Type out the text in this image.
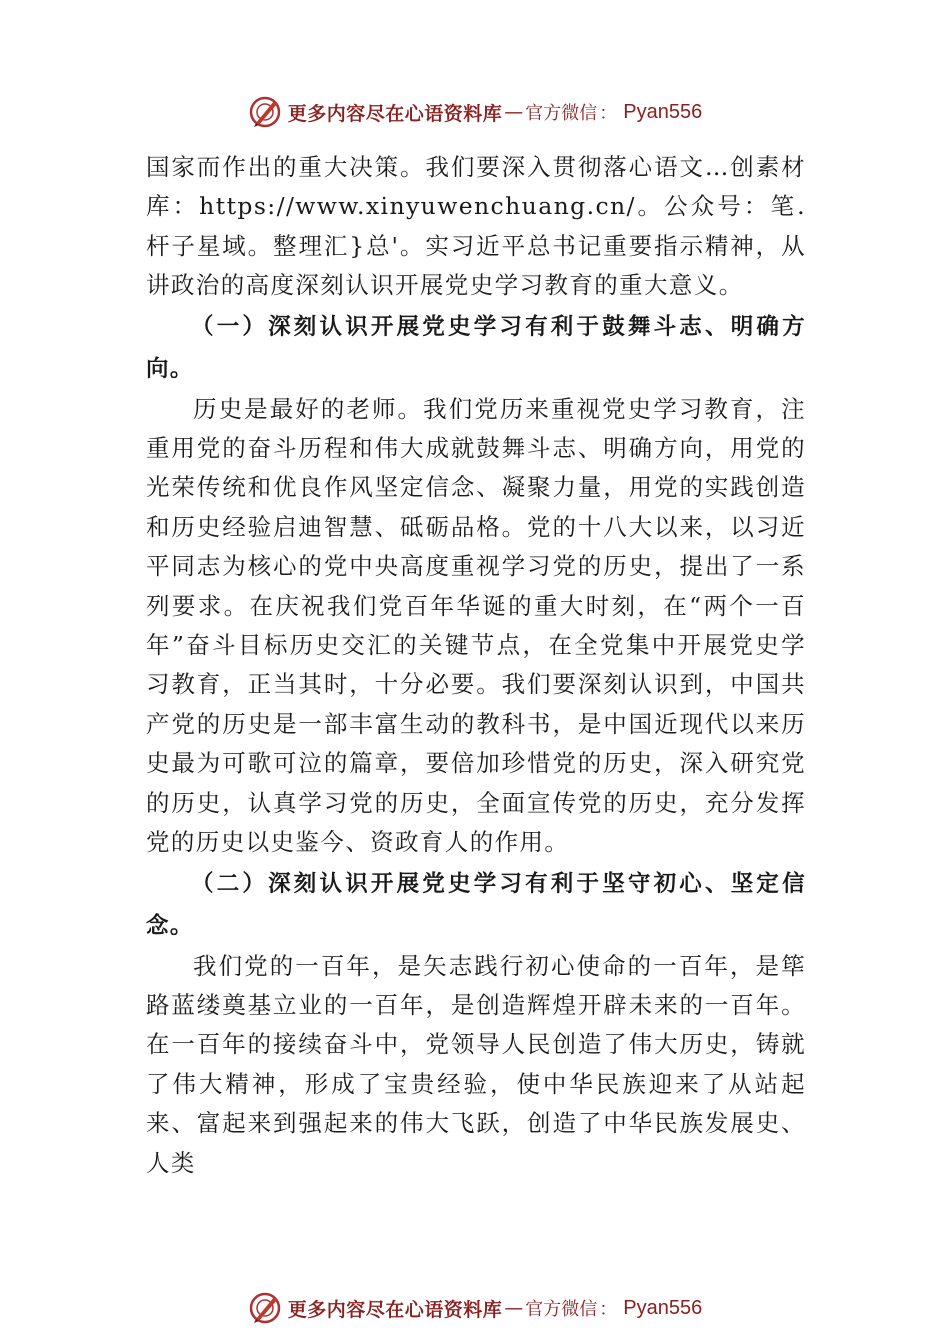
更多内容尽在心语资料库 — 官方微信 ： Pyan556

国家而作出的重大决策。我们要深入贯彻落心语文…创素材库：https://www.xinyuwenchuang.cn/。公众号：笔.杆子星域。整理汇}总'。实习近平总书记重要指示精神，从讲政治的高度深刻认识开展党史学习教育的重大意义。

（一）深刻认识开展党史学习有利于鼓舞斗志、明确方向。

历史是最好的老师。我们党历来重视党史学习教育，注重用党的奋斗历程和伟大成就鼓舞斗志、明确方向，用党的光荣传统和优良作风坚定信念、凝聚力量，用党的实践创造和历史经验启迪智慧、砥砺品格。党的十八大以来，以习近平同志为核心的党中央高度重视学习党的历史，提出了一系列要求。在庆祝我们党百年华诞的重大时刻，在“两个一百年”奋斗目标历史交汇的关键节点，在全党集中开展党史学习教育，正当其时，十分必要。我们要深刻认识到，中国共产党的历史是一部丰富生动的教科书，是中国近现代以来历史最为可歌可泣的篇章，要倍加珍惜党的历史，深入研究党的历史，认真学习党的历史，全面宣传党的历史，充分发挥党的历史以史鉴今、资政育人的作用。

（二）深刻认识开展党史学习有利于坚守初心、坚定信念。

我们党的一百年，是矢志践行初心使命的一百年，是筚路蓝缕奠基立业的一百年，是创造辉煌开辟未来的一百年。在一百年的接续奋斗中，党领导人民创造了伟大历史，铸就了伟大精神，形成了宝贵经验，使中华民族迎来了从站起来、富起来到强起来的伟大飞跃，创造了中华民族发展史、人类

更多内容尽在心语资料库 — 官方微信 ： Pyan556
